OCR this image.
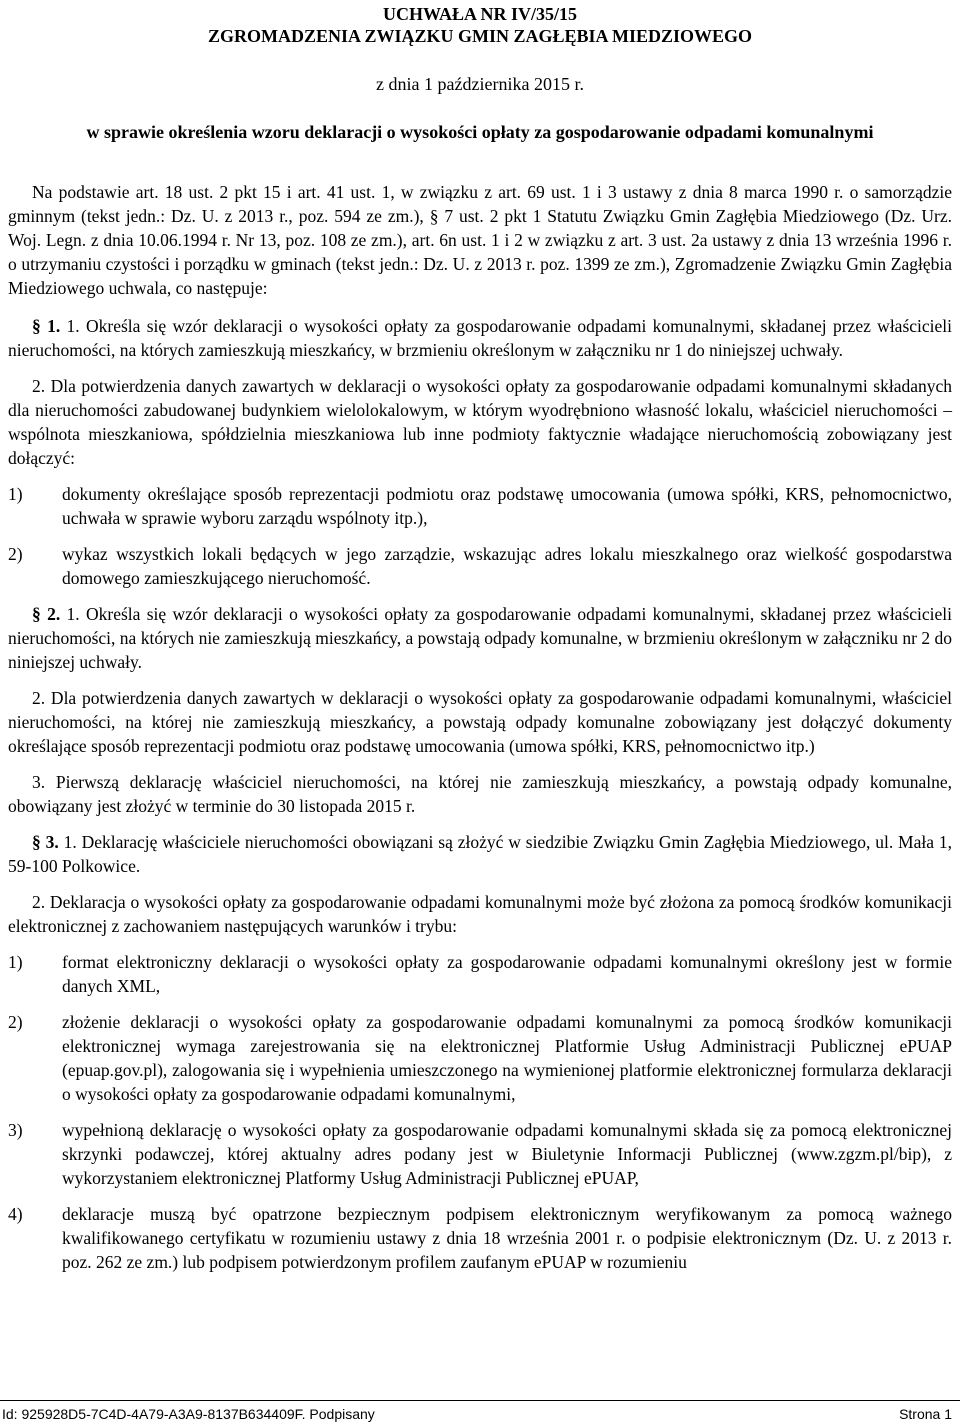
UCHWAŁA NR IV/35/15
ZGROMADZENIA ZWIĄZKU GMIN ZAGŁĘBIA MIEDZIOWEGO
z dnia 1 października 2015 r.
w sprawie określenia wzoru deklaracji o wysokości opłaty za gospodarowanie odpadami komunalnymi

Na podstawie art. 18 ust. 2 pkt 15 i art. 41 ust. 1, w związku z art. 69 ust. 1 i 3 ustawy z dnia 8 marca 1990 r. o samorządzie gminnym (tekst jedn.: Dz. U. z 2013 r., poz. 594 ze zm.), § 7 ust. 2 pkt 1 Statutu Związku Gmin Zagłębia Miedziowego (Dz. Urz. Woj. Legn. z dnia 10.06.1994 r. Nr 13, poz. 108 ze zm.), art. 6n ust. 1 i 2 w związku z art. 3 ust. 2a ustawy z dnia 13 września 1996 r. o utrzymaniu czystości i porządku w gminach (tekst jedn.: Dz. U. z 2013 r. poz. 1399 ze zm.), Zgromadzenie Związku Gmin Zagłębia Miedziowego uchwala, co następuje:

§ 1. 1. Określa się wzór deklaracji o wysokości opłaty za gospodarowanie odpadami komunalnymi, składanej przez właścicieli nieruchomości, na których zamieszkują mieszkańcy, w brzmieniu określonym w załączniku nr 1 do niniejszej uchwały.

2. Dla potwierdzenia danych zawartych w deklaracji o wysokości opłaty za gospodarowanie odpadami komunalnymi składanych dla nieruchomości zabudowanej budynkiem wielolokalowym, w którym wyodrębniono własność lokalu, właściciel nieruchomości – wspólnota mieszkaniowa, spółdzielnia mieszkaniowa lub inne podmioty faktycznie władające nieruchomością zobowiązany jest dołączyć:

1)	dokumenty określające sposób reprezentacji podmiotu oraz podstawę umocowania (umowa spółki, KRS, pełnomocnictwo, uchwała w sprawie wyboru zarządu wspólnoty itp.),

2)	wykaz wszystkich lokali będących w jego zarządzie, wskazując adres lokalu mieszkalnego oraz wielkość gospodarstwa domowego zamieszkującego nieruchomość.

§ 2. 1. Określa się wzór deklaracji o wysokości opłaty za gospodarowanie odpadami komunalnymi, składanej przez właścicieli nieruchomości, na których nie zamieszkują mieszkańcy, a powstają odpady komunalne, w brzmieniu określonym w załączniku nr 2 do niniejszej uchwały.

2. Dla potwierdzenia danych zawartych w deklaracji o wysokości opłaty za gospodarowanie odpadami komunalnymi, właściciel nieruchomości, na której nie zamieszkują mieszkańcy, a powstają odpady komunalne zobowiązany jest dołączyć dokumenty określające sposób reprezentacji podmiotu oraz podstawę umocowania (umowa spółki, KRS, pełnomocnictwo itp.)

3. Pierwszą deklarację właściciel nieruchomości, na której nie zamieszkują mieszkańcy, a powstają odpady komunalne, obowiązany jest złożyć w terminie do 30 listopada 2015 r.

§ 3. 1. Deklarację właściciele nieruchomości obowiązani są złożyć w siedzibie Związku Gmin Zagłębia Miedziowego, ul. Mała 1, 59-100 Polkowice.

2. Deklaracja o wysokości opłaty za gospodarowanie odpadami komunalnymi może być złożona za pomocą środków komunikacji elektronicznej z zachowaniem następujących warunków i trybu:

1)	format elektroniczny deklaracji o wysokości opłaty za gospodarowanie odpadami komunalnymi określony jest w formie danych XML,

2)	złożenie deklaracji o wysokości opłaty za gospodarowanie odpadami komunalnymi za pomocą środków komunikacji elektronicznej wymaga zarejestrowania się na elektronicznej Platformie Usług Administracji Publicznej ePUAP (epuap.gov.pl), zalogowania się i wypełnienia umieszczonego na wymienionej platformie elektronicznej formularza deklaracji o wysokości opłaty za gospodarowanie odpadami komunalnymi,

3)	wypełnioną deklarację o wysokości opłaty za gospodarowanie odpadami komunalnymi składa się za pomocą elektronicznej skrzynki podawczej, której aktualny adres podany jest w Biuletynie Informacji Publicznej (www.zgzm.pl/bip), z wykorzystaniem elektronicznej Platformy Usług Administracji Publicznej ePUAP,

4)	deklaracje muszą być opatrzone bezpiecznym podpisem elektronicznym weryfikowanym za pomocą ważnego kwalifikowanego certyfikatu w rozumieniu ustawy z dnia 18 września 2001 r. o podpisie elektronicznym (Dz. U. z 2013 r. poz. 262 ze zm.) lub podpisem potwierdzonym profilem zaufanym ePUAP w rozumieniu

Id: 925928D5-7C4D-4A79-A3A9-8137B634409F. Podpisany	Strona 1
